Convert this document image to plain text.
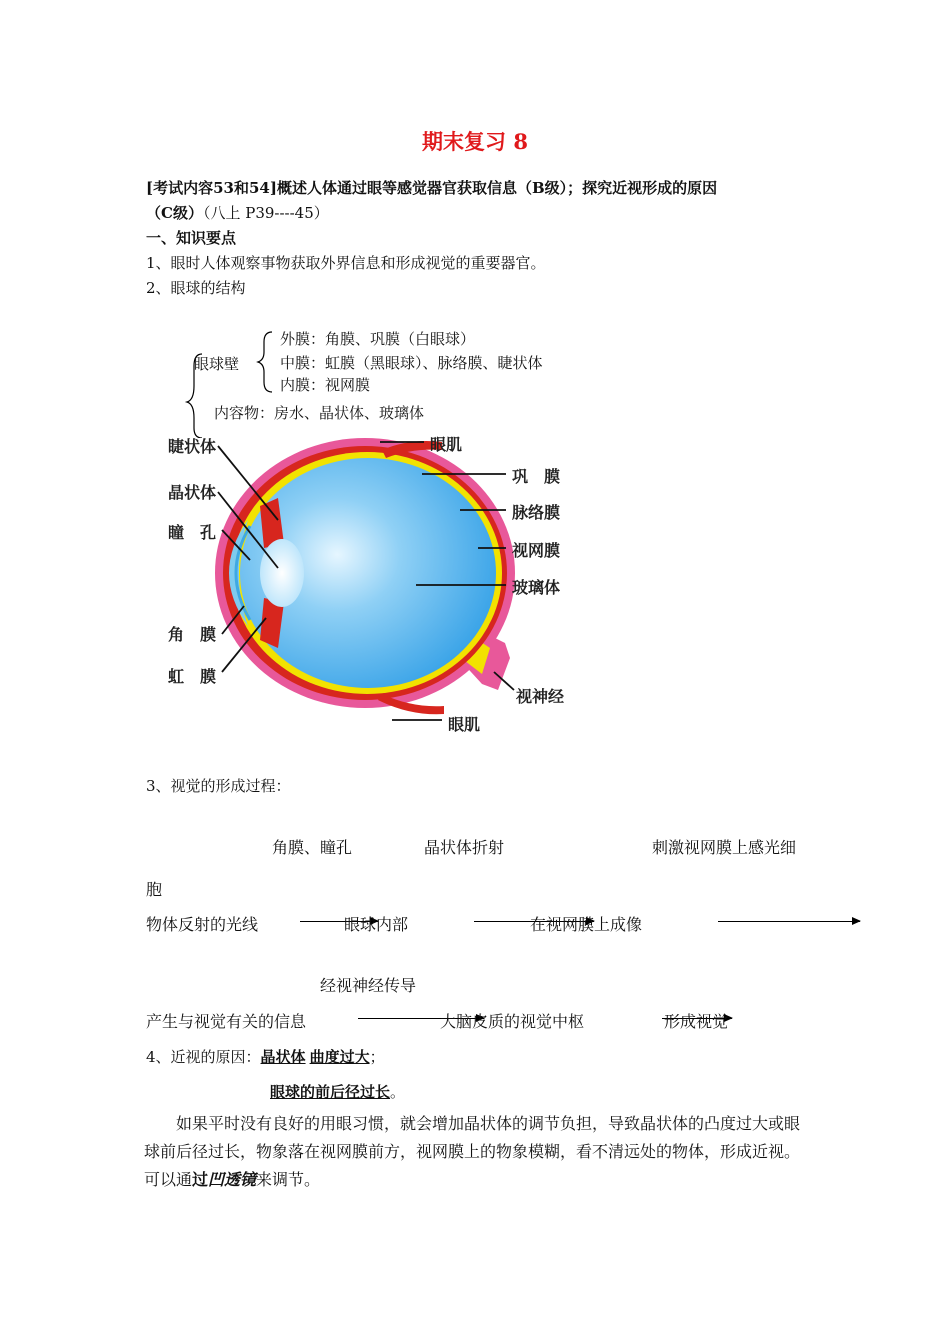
期末复习 8
[考试内容53和54]概述人体通过眼等感觉器官获取信息（B级）；探究近视形成的原因
（C级）（八上 P39----45）
一、知识要点
1、眼时人体观察事物获取外界信息和形成视觉的重要器官。
2、眼球的结构
眼球壁
外膜：角膜、巩膜（白眼球）
中膜：虹膜（黑眼球）、脉络膜、睫状体
内膜：视网膜
内容物：房水、晶状体、玻璃体
睫状体
晶状体
瞳　孔
角　膜
虹　膜
眼肌
巩　膜
脉络膜
视网膜
玻璃体
视神经
眼肌
3、视觉的形成过程：
角膜、瞳孔	晶状体折射	刺激视网膜上感光细
胞
物体反射的光线	眼球内部	在视网膜上成像
经视神经传导
产生与视觉有关的信息	大脑皮质的视觉中枢	形成视觉
4、近视的原因：晶状体 曲度过大；
眼球的前后径过长。
如果平时没有良好的用眼习惯，就会增加晶状体的调节负担，导致晶状体的凸度过大或眼球前后径过长，物象落在视网膜前方，视网膜上的物象模糊，看不清远处的物体，形成近视。可以通过凹透镜来调节。
